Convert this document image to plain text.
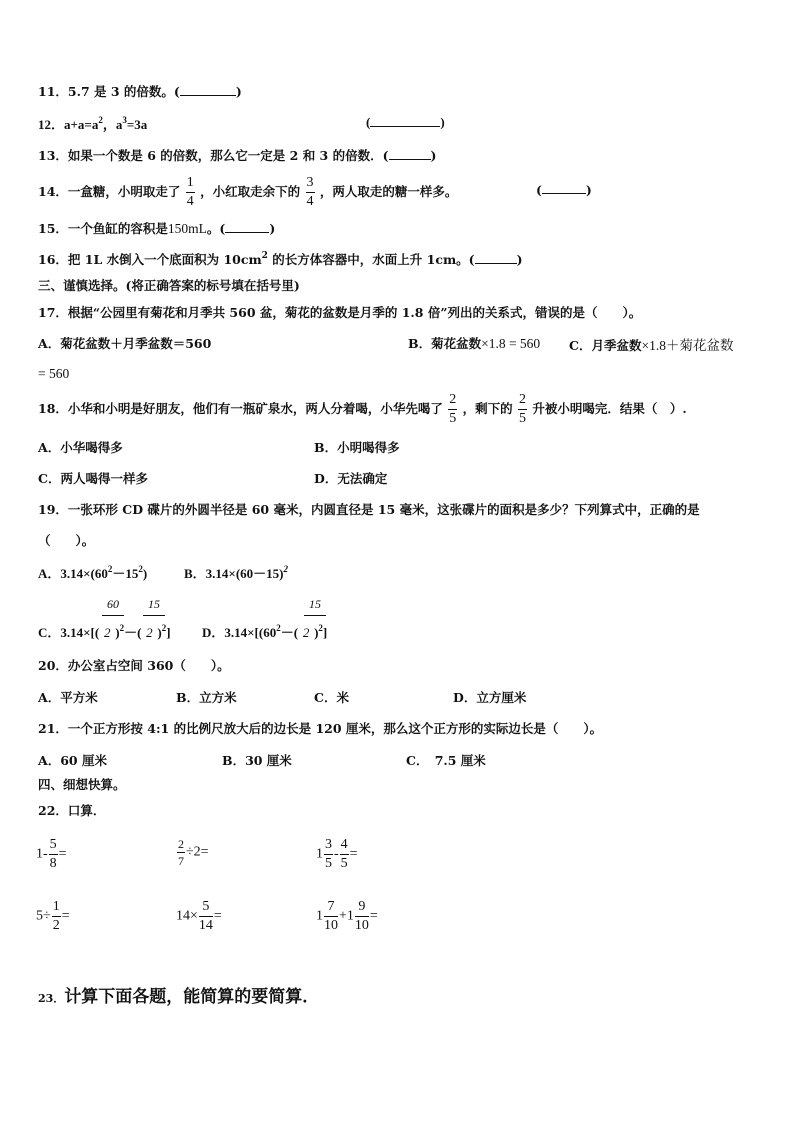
11．5.7 是 3 的倍数。(	)
12．$a+a=a^2$，$a^3=3a$	(	)
13．如果一个数是 6 的倍数，那么它一定是 2 和 3 的倍数．(	)
14．一盒糖，小明取走了 $\frac{1}{4}$ ，小红取走余下的 $\frac{3}{4}$ ，两人取走的糖一样多。	(	)
15．一个鱼缸的容积是150mL。(	)
16．把 1L 水倒入一个底面积为 $10cm^2$ 的长方体容器中，水面上升 1cm。(	)
三、谨慎选择。(将正确答案的标号填在括号里)
17．根据“公园里有菊花和月季共 560 盆，菊花的盆数是月季的 1.8 倍”列出的关系式，错误的是（　　）。
A．菊花盆数＋月季盆数＝560	B．菊花盆数×1.8 = 560 C．月季盆数×1.8＋菊花盆数
= 560
18．小华和小明是好朋友，他们有一瓶矿泉水，两人分着喝，小华先喝了 $\frac{2}{5}$ ，剩下的 $\frac{2}{5}$ 升被小明喝完．结果（　）.
A．小华喝得多	B．小明喝得多
C．两人喝得一样多	D．无法确定
19．一张环形 CD 碟片的外圆半径是 60 毫米，内圆直径是 15 毫米，这张碟片的面积是多少？下列算式中，正确的是
（　　）。
A．$3.14\times(60^2-15^2)$	B．$3.14\times(60-15)^2$
60	15
C．3.14×[( 2 )$^2$－( 2 )$^2$]
15
D．$3.14\times[(60^2-$( 2 )$^2$]
20．办公室占空间 360（　　）。
A．平方米	B．立方米	C．米	D．立方厘米
21．一个正方形按 4:1 的比例尺放大后的边长是 120 厘米，那么这个正方形的实际边长是（　　）。
A．60 厘米	B．30 厘米	C．　7.5 厘米
四、细想快算。
22．口算．
$1- \frac{5}{8}$ =	$\frac{2}{7} \div 2=$	$1 \frac{3}{5} - \frac{4}{5}$ =
$5\div \frac{1}{2}$ =	$14\times \frac{5}{14}$ =	$1 \frac{7}{10} +1 \frac{9}{10}$ =
23．计算下面各题，能简算的要简算．
